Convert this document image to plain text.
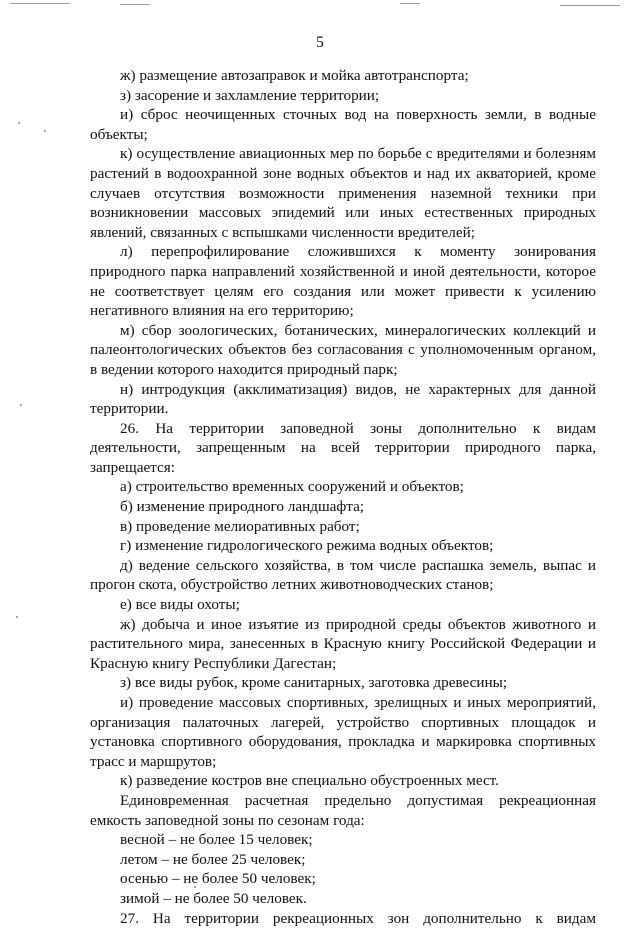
5
ж) размещение автозаправок и мойка автотранспорта;
з) засорение и захламление территории;
и) сброс неочищенных сточных вод на поверхность земли, в водные
объекты;
к) осуществление авиационных мер по борьбе с вредителями и болезням
растений в водоохранной зоне водных объектов и над их акваторией, кроме
случаев отсутствия возможности применения наземной техники при
возникновении массовых эпидемий или иных естественных природных
явлений, связанных с вспышками численности вредителей;
л) перепрофилирование сложившихся к моменту зонирования
природного парка направлений хозяйственной и иной деятельности, которое
не соответствует целям его создания или может привести к усилению
негативного влияния на его территорию;
м) сбор зоологических, ботанических, минералогических коллекций и
палеонтологических объектов без согласования с уполномоченным органом,
в ведении которого находится природный парк;
н) интродукция (акклиматизация) видов, не характерных для данной
территории.
26. На территории заповедной зоны дополнительно к видам
деятельности, запрещенным на всей территории природного парка,
запрещается:
а) строительство временных сооружений и объектов;
б) изменение природного ландшафта;
в) проведение мелиоративных работ;
г) изменение гидрологического режима водных объектов;
д) ведение сельского хозяйства, в том числе распашка земель, выпас и
прогон скота, обустройство летних животноводческих станов;
е) все виды охоты;
ж) добыча и иное изъятие из природной среды объектов животного и
растительного мира, занесенных в Красную книгу Российской Федерации и
Красную книгу Республики Дагестан;
з) все виды рубок, кроме санитарных, заготовка древесины;
и) проведение массовых спортивных, зрелищных и иных мероприятий,
организация палаточных лагерей, устройство спортивных площадок и
установка спортивного оборудования, прокладка и маркировка спортивных
трасс и маршрутов;
к) разведение костров вне специально обустроенных мест.
Единовременная расчетная предельно допустимая рекреационная
емкость заповедной зоны по сезонам года:
весной – не более 15 человек;
летом – не более 25 человек;
осенью – не более 50 человек;
зимой – не более 50 человек.
27. На территории рекреационных зон дополнительно к видам
